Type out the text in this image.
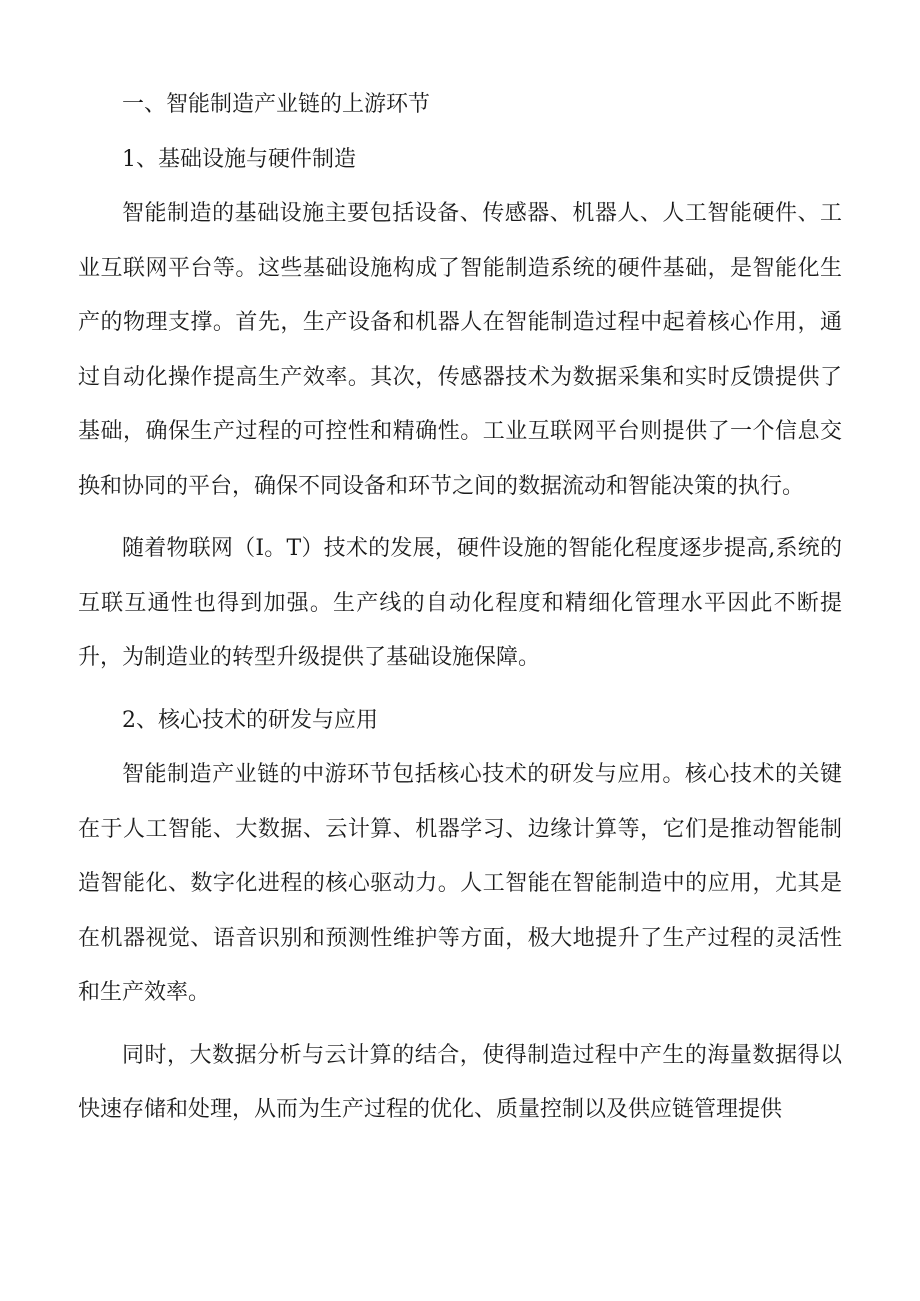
一、智能制造产业链的上游环节

1、基础设施与硬件制造

智能制造的基础设施主要包括设备、传感器、机器人、人工智能硬件、工业互联网平台等。这些基础设施构成了智能制造系统的硬件基础，是智能化生产的物理支撑。首先，生产设备和机器人在智能制造过程中起着核心作用，通过自动化操作提高生产效率。其次，传感器技术为数据采集和实时反馈提供了基础，确保生产过程的可控性和精确性。工业互联网平台则提供了一个信息交换和协同的平台，确保不同设备和环节之间的数据流动和智能决策的执行。

随着物联网（I。T）技术的发展，硬件设施的智能化程度逐步提高,系统的互联互通性也得到加强。生产线的自动化程度和精细化管理水平因此不断提升，为制造业的转型升级提供了基础设施保障。

2、核心技术的研发与应用

智能制造产业链的中游环节包括核心技术的研发与应用。核心技术的关键在于人工智能、大数据、云计算、机器学习、边缘计算等，它们是推动智能制造智能化、数字化进程的核心驱动力。人工智能在智能制造中的应用，尤其是在机器视觉、语音识别和预测性维护等方面，极大地提升了生产过程的灵活性和生产效率。

同时，大数据分析与云计算的结合，使得制造过程中产生的海量数据得以快速存储和处理，从而为生产过程的优化、质量控制以及供应链管理提供
